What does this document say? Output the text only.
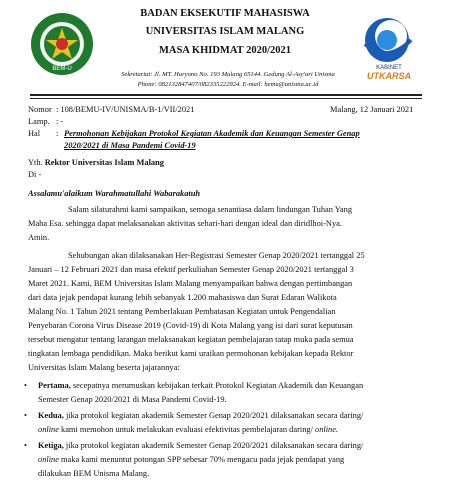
BEM-U	KABINET
UTKARSA
BADAN EKSEKUTIF MAHASISWA
UNIVERSITAS ISLAM MALANG
MASA KHIDMAT 2020/2021
Sekretariat: Jl. MT. Haryono No. 193 Malang 65144. Gedung Al-Asy'ari Unisma
Phone: 082132847407/082335222924. E-mail: bemu@unisma.ac.id
Nomor : 108/BEMU-IV/UNISMA/B-1/VII/2021	Malang, 12 Januari 2021
Lamp. : -
Hal : Permohonan Kebijakan Protokol Kegiatan Akademik dan Keuangan Semester Genap
2020/2021 di Masa Pandemi Covid-19
Yth. Rektor Universitas Islam Malang
Di -
Assalamu'alaikum Warahmatullahi Wabarakatuh
Salam silaturahmi kami sampaikan, semoga senantiasa dalam lindungan Tuhan Yang
Maha Esa. sehingga dapat melaksanakan aktivitas sehari-hari dengan ideal dan diridlhoi-Nya.
Amin.
Sehubungan akan dilaksanakan Her-Registrasi Semester Genap 2020/2021 tertanggal 25
Januari – 12 Februari 2021 dan masa efektif perkuliahan Semester Genap 2020/2021 tertanggal 3
Maret 2021. Kami, BEM Universitas Islam Malang menyampaikan bahwa dengan pertimbangan
dari data jejak pendapat kurang lebih sebanyak 1.200 mahasiswa dan Surat Edaran Walikota
Malang No. 1 Tahun 2021 tentang Pemberlakuan Pembatasan Kegiatan untuk Pengendalian
Penyebaran Corona Virus Disease 2019 (Covid-19) di Kota Malang yang isi dari surat keputusan
tersebut mengatur tentang larangan melaksanakan kegiatan pembelajaran tatap muka pada semua
tingkatan lembaga pendidikan. Maka berikut kami uraikan permohonan kebijakan kepada Rektor
Universitas Islam Malang beserta jajarannya:
• Pertama, secepatnya merumuskan kebijakan terkait Protokol Kegiatan Akademik dan Keuangan
Semester Genap 2020/2021 di Masa Pandemi Covid-19.
• Kedua, jika protokol kegiatan akademik Semester Genap 2020/2021 dilaksanakan secara daring/
online kami memohon untuk melakukan evaluasi efektivitas pembelajaran daring/ online.
• Ketiga, jika protokol kegiatan akademik Semester Genap 2020/2021 dilaksanakan secara daring/
online maka kami menuntut potongan SPP sebesar 70% mengacu pada jejak pendapat yang
dilakukan BEM Unisma Malang.
